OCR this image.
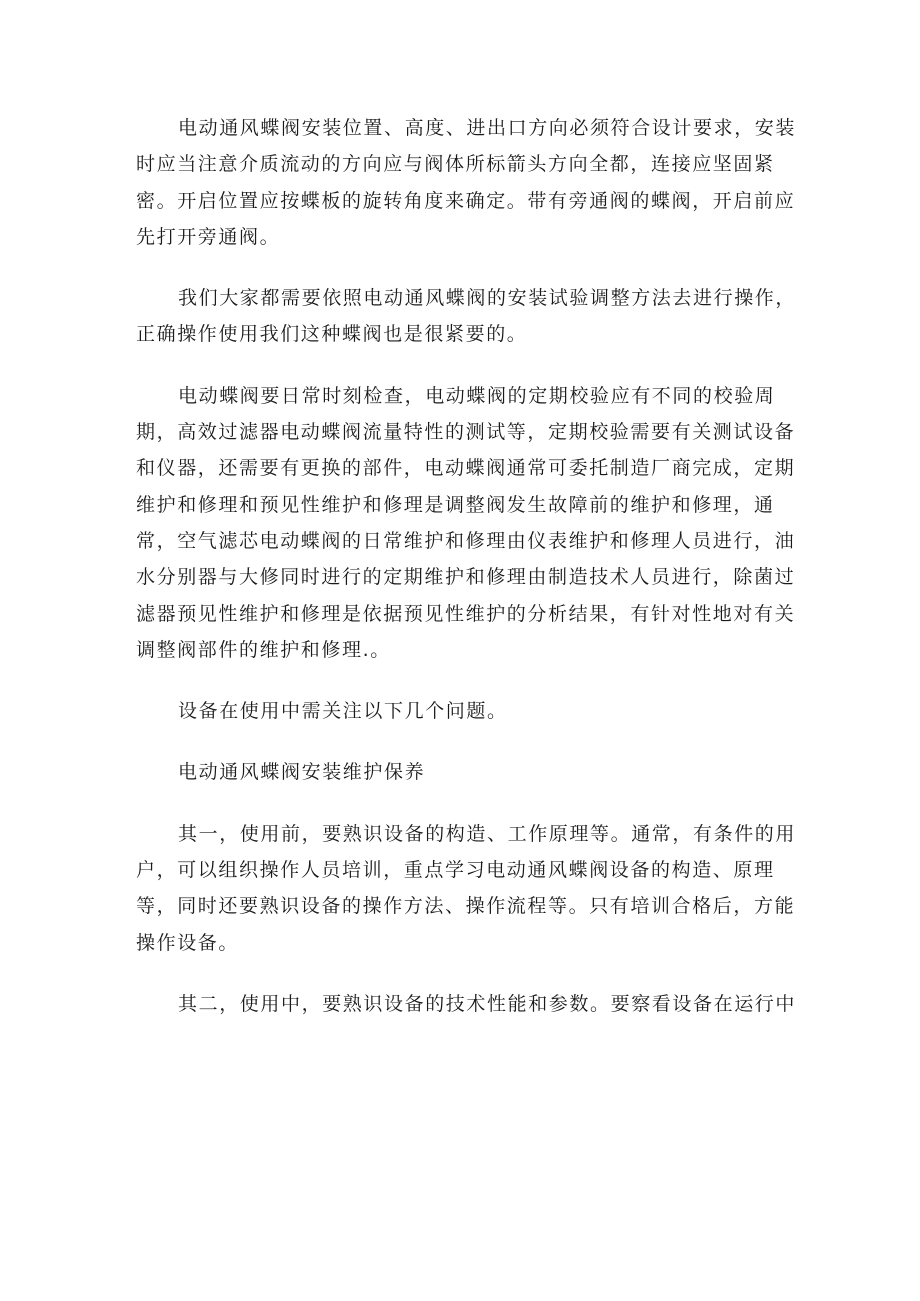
电动通风蝶阀安装位置、高度、进出口方向必须符合设计要求，安装时应当注意介质流动的方向应与阀体所标箭头方向全都，连接应坚固紧密。开启位置应按蝶板的旋转角度来确定。带有旁通阀的蝶阀，开启前应先打开旁通阀。

我们大家都需要依照电动通风蝶阀的安装试验调整方法去进行操作，正确操作使用我们这种蝶阀也是很紧要的。

电动蝶阀要日常时刻检查，电动蝶阀的定期校验应有不同的校验周期，高效过滤器电动蝶阀流量特性的测试等，定期校验需要有关测试设备和仪器，还需要有更换的部件，电动蝶阀通常可委托制造厂商完成，定期维护和修理和预见性维护和修理是调整阀发生故障前的维护和修理，通常，空气滤芯电动蝶阀的日常维护和修理由仪表维护和修理人员进行，油水分别器与大修同时进行的定期维护和修理由制造技术人员进行，除菌过滤器预见性维护和修理是依据预见性维护的分析结果，有针对性地对有关调整阀部件的维护和修理.。

设备在使用中需关注以下几个问题。

电动通风蝶阀安装维护保养

其一，使用前，要熟识设备的构造、工作原理等。通常，有条件的用户，可以组织操作人员培训，重点学习电动通风蝶阀设备的构造、原理等，同时还要熟识设备的操作方法、操作流程等。只有培训合格后，方能操作设备。

其二，使用中，要熟识设备的技术性能和参数。要察看设备在运行中
